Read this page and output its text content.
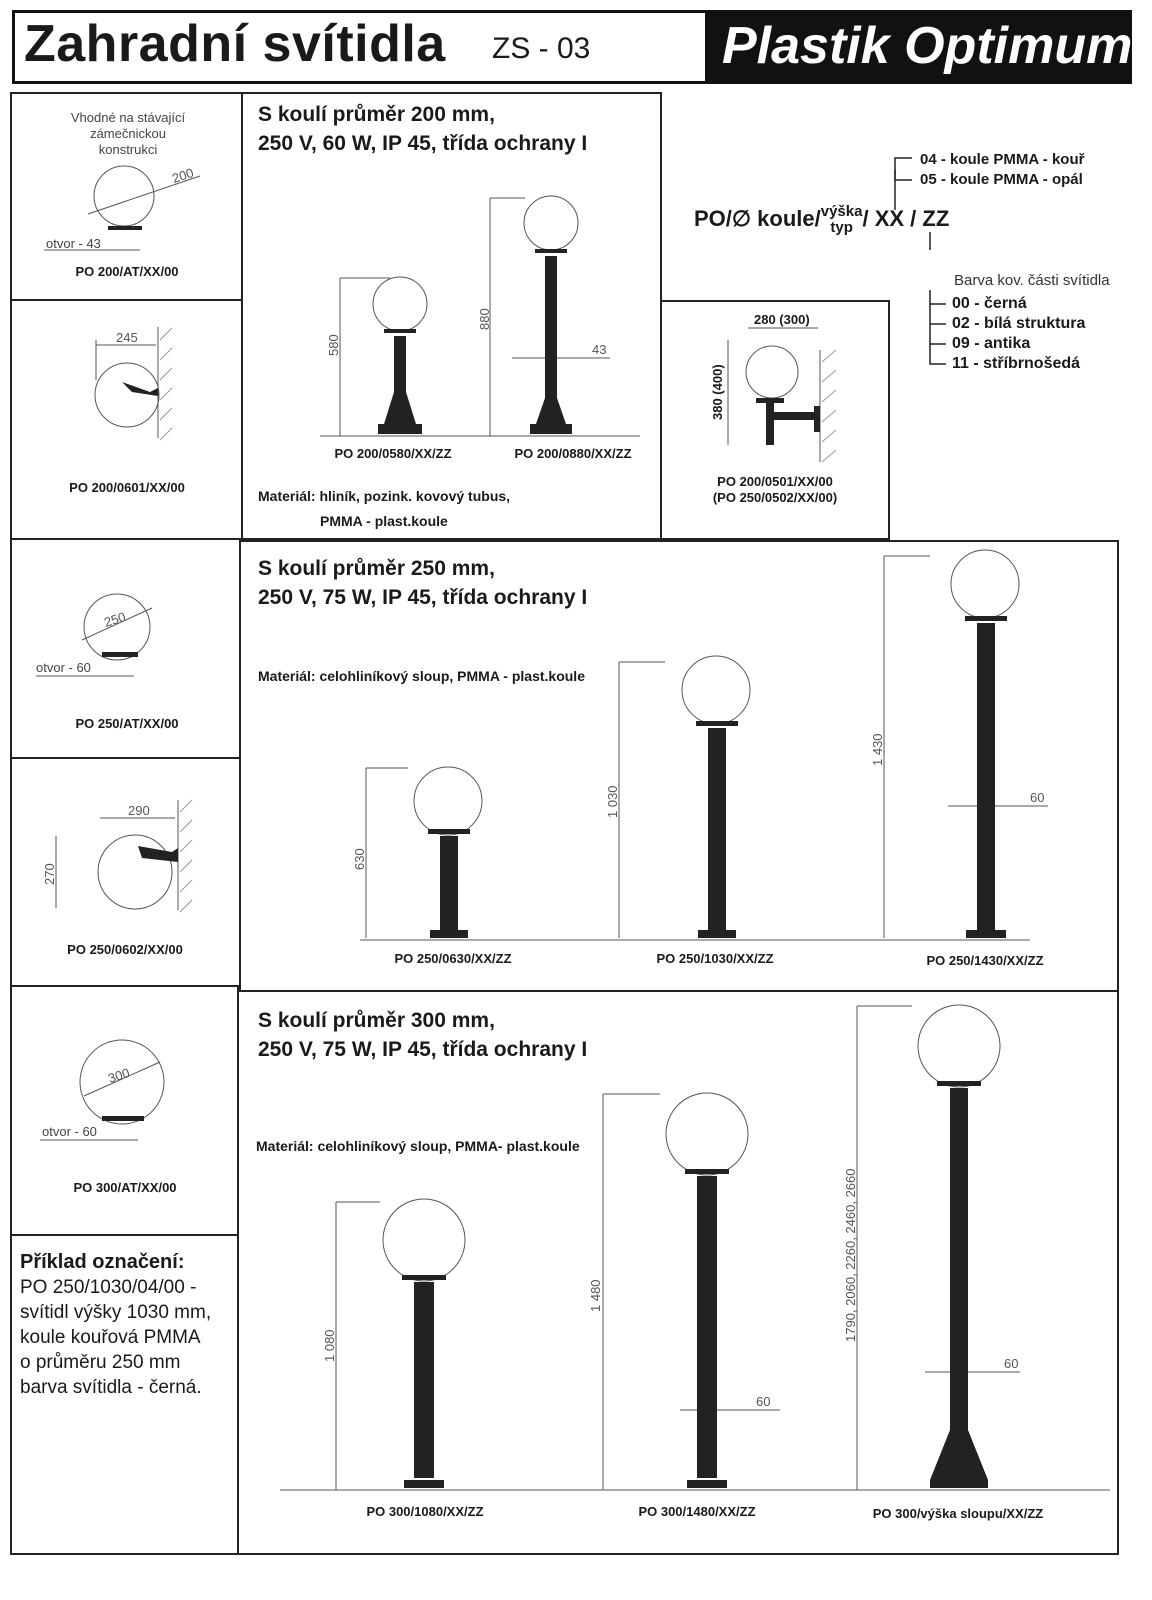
Zahradní svítidla ZS - 03	Plastik Optimum
Vhodné na stávající
zámečnickou
konstrukci
200
otvor - 43
PO 200/AT/XX/00
245
PO 200/0601/XX/00
S koulí průměr 200 mm,
250 V, 60 W, IP 45, třída ochrany I
580
880
43
PO 200/0580/XX/ZZ	PO 200/0880/XX/ZZ
Materiál: hliník, pozink. kovový tubus,
PMMA - plast.koule
280 (300)
380 (400)
PO 200/0501/XX/00
(PO 250/0502/XX/00)
04 - koule PMMA - kouř
05 - koule PMMA - opál
PO/∅ koule/ výška
typ / XX / ZZ
Barva kov. části svítidla
00 - černá
02 - bílá struktura
09 - antika
11 - stříbrnošedá
250
otvor - 60
PO 250/AT/XX/00
290
270
PO 250/0602/XX/00
S koulí průměr 250 mm,
250 V, 75 W, IP 45, třída ochrany I
Materiál: celohliníkový sloup, PMMA - plast.koule
630
1 030
1 430
60
PO 250/0630/XX/ZZ	PO 250/1030/XX/ZZ	PO 250/1430/XX/ZZ
300
otvor - 60
PO 300/AT/XX/00
Příklad označení:
PO 250/1030/04/00 -
svítidl výšky 1030 mm,
koule kouřová PMMA
o průměru 250 mm
barva svítidla - černá.
S koulí průměr 300 mm,
250 V, 75 W, IP 45, třída ochrany I
Materiál: celohliníkový sloup, PMMA- plast.koule
1 080
1 480	1790, 2060, 2260, 2460, 2660
60
60
PO 300/1080/XX/ZZ	PO 300/1480/XX/ZZ	PO 300/výška sloupu/XX/ZZ
